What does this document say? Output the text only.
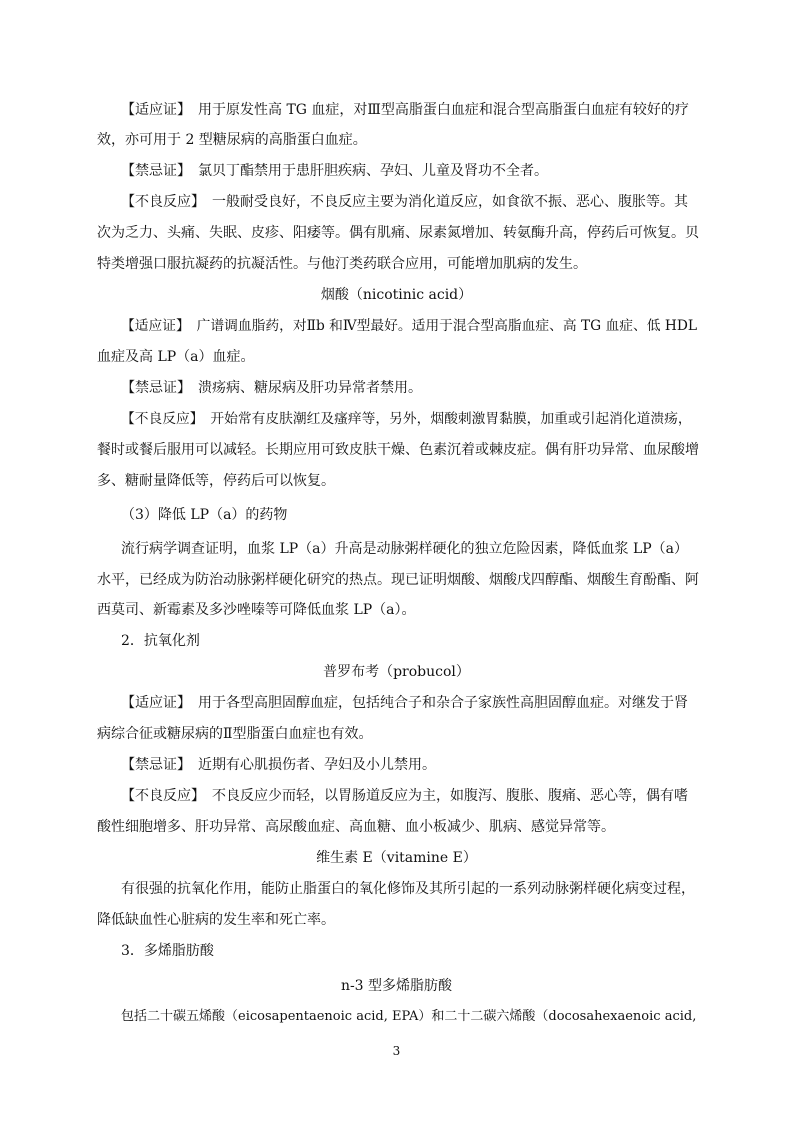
【适应证】　用于原发性高 TG 血症，对Ⅲ型高脂蛋白血症和混合型高脂蛋白血症有较好的疗
效，亦可用于 2 型糖尿病的高脂蛋白血症。
【禁忌证】　氯贝丁酯禁用于患肝胆疾病、孕妇、儿童及肾功不全者。
【不良反应】　一般耐受良好，不良反应主要为消化道反应，如食欲不振、恶心、腹胀等。其
次为乏力、头痛、失眠、皮疹、阳痿等。偶有肌痛、尿素氮增加、转氨酶升高，停药后可恢复。贝
特类增强口服抗凝药的抗凝活性。与他汀类药联合应用，可能增加肌病的发生。
烟酸（nicotinic acid）
【适应证】　广谱调血脂药，对Ⅱb 和Ⅳ型最好。适用于混合型高脂血症、高 TG 血症、低 HDL
血症及高 LP（a）血症。
【禁忌证】　溃疡病、糖尿病及肝功异常者禁用。
【不良反应】　开始常有皮肤潮红及瘙痒等，另外，烟酸刺激胃黏膜，加重或引起消化道溃疡，
餐时或餐后服用可以减轻。长期应用可致皮肤干燥、色素沉着或棘皮症。偶有肝功异常、血尿酸增
多、糖耐量降低等，停药后可以恢复。
（3）降低 LP（a）的药物
流行病学调查证明，血浆 LP（a）升高是动脉粥样硬化的独立危险因素，降低血浆 LP（a）
水平，已经成为防治动脉粥样硬化研究的热点。现已证明烟酸、烟酸戊四醇酯、烟酸生育酚酯、阿
西莫司、新霉素及多沙唑嗪等可降低血浆 LP（a）。
2．抗氧化剂
普罗布考（probucol）
【适应证】　用于各型高胆固醇血症，包括纯合子和杂合子家族性高胆固醇血症。对继发于肾
病综合征或糖尿病的Ⅱ型脂蛋白血症也有效。
【禁忌证】　近期有心肌损伤者、孕妇及小儿禁用。
【不良反应】　不良反应少而轻，以胃肠道反应为主，如腹泻、腹胀、腹痛、恶心等，偶有嗜
酸性细胞增多、肝功异常、高尿酸血症、高血糖、血小板减少、肌病、感觉异常等。
维生素 E（vitamine E）
有很强的抗氧化作用，能防止脂蛋白的氧化修饰及其所引起的一系列动脉粥样硬化病变过程，
降低缺血性心脏病的发生率和死亡率。
3．多烯脂肪酸
n-3 型多烯脂肪酸
包括二十碳五烯酸（eicosapentaenoic acid, EPA）和二十二碳六烯酸（docosahexaenoic acid,
3
